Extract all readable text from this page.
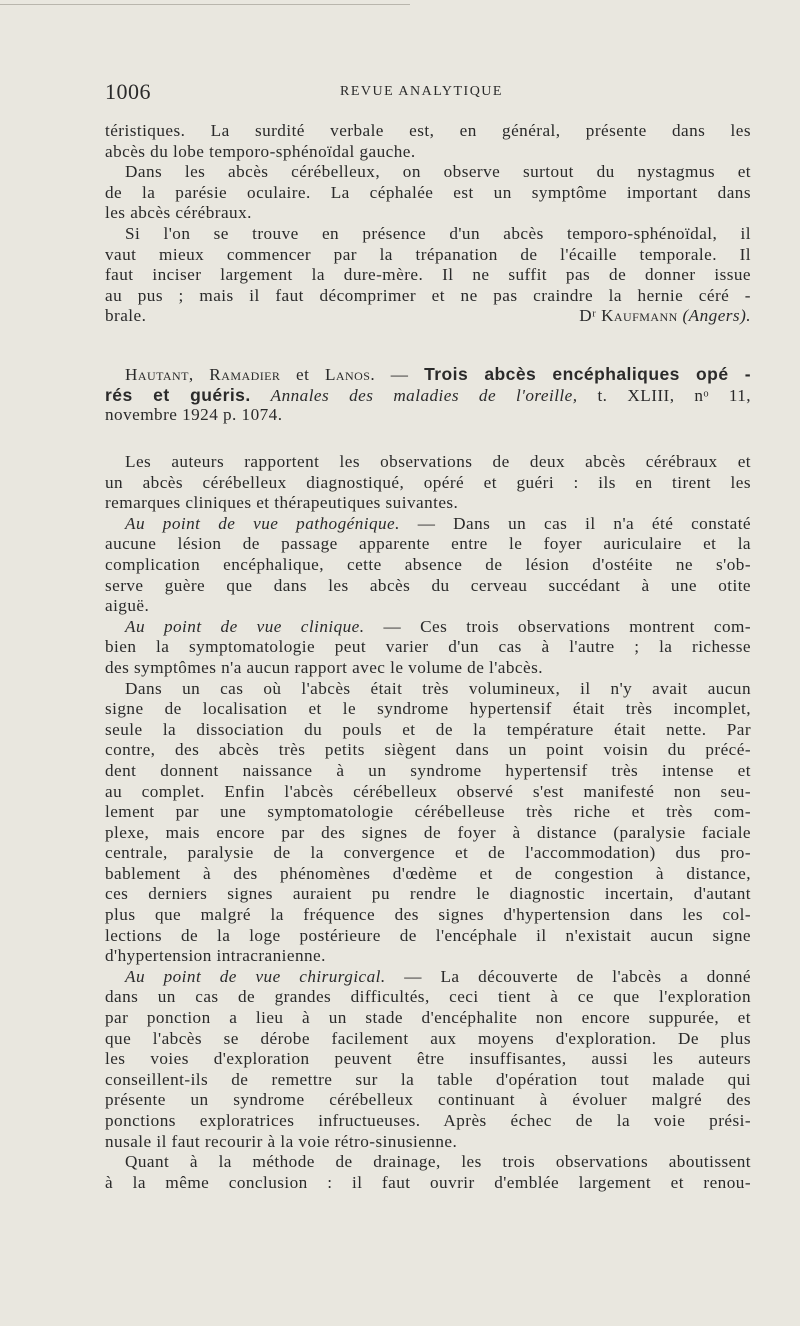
1006	REVUE ANALYTIQUE
téristiques. La surdité verbale est, en général, présente dans les
abcès du lobe temporo-sphénoïdal gauche.
Dans les abcès cérébelleux, on observe surtout du nystagmus et
de la parésie oculaire. La céphalée est un symptôme important dans
les abcès cérébraux.
Si l'on se trouve en présence d'un abcès temporo-sphénoïdal, il
vaut mieux commencer par la trépanation de l'écaille temporale. Il
faut inciser largement la dure-mère. Il ne suffit pas de donner issue
au pus ; mais il faut décomprimer et ne pas craindre la hernie céré -
brale.	Dʳ Kaufmann (Angers).
Hautant, Ramadier et Lanos. — Trois abcès encéphaliques opé -
rés et guéris. Annales des maladies de l'oreille, t. XLIII, nᵒ 11,
novembre 1924 p. 1074.
Les auteurs rapportent les observations de deux abcès cérébraux et
un abcès cérébelleux diagnostiqué, opéré et guéri : ils en tirent les
remarques cliniques et thérapeutiques suivantes.
Au point de vue pathogénique. — Dans un cas il n'a été constaté
aucune lésion de passage apparente entre le foyer auriculaire et la
complication encéphalique, cette absence de lésion d'ostéite ne s'ob-
serve guère que dans les abcès du cerveau succédant à une otite
aiguë.
Au point de vue clinique. — Ces trois observations montrent com-
bien la symptomatologie peut varier d'un cas à l'autre ; la richesse
des symptômes n'a aucun rapport avec le volume de l'abcès.
Dans un cas où l'abcès était très volumineux, il n'y avait aucun
signe de localisation et le syndrome hypertensif était très incomplet,
seule la dissociation du pouls et de la température était nette. Par
contre, des abcès très petits siègent dans un point voisin du précé-
dent donnent naissance à un syndrome hypertensif très intense et
au complet. Enfin l'abcès cérébelleux observé s'est manifesté non seu-
lement par une symptomatologie cérébelleuse très riche et très com-
plexe, mais encore par des signes de foyer à distance (paralysie faciale
centrale, paralysie de la convergence et de l'accommodation) dus pro-
bablement à des phénomènes d'œdème et de congestion à distance,
ces derniers signes auraient pu rendre le diagnostic incertain, d'autant
plus que malgré la fréquence des signes d'hypertension dans les col-
lections de la loge postérieure de l'encéphale il n'existait aucun signe
d'hypertension intracranienne.
Au point de vue chirurgical. — La découverte de l'abcès a donné
dans un cas de grandes difficultés, ceci tient à ce que l'exploration
par ponction a lieu à un stade d'encéphalite non encore suppurée, et
que l'abcès se dérobe facilement aux moyens d'exploration. De plus
les voies d'exploration peuvent être insuffisantes, aussi les auteurs
conseillent-ils de remettre sur la table d'opération tout malade qui
présente un syndrome cérébelleux continuant à évoluer malgré des
ponctions exploratrices infructueuses. Après échec de la voie prési-
nusale il faut recourir à la voie rétro-sinusienne.
Quant à la méthode de drainage, les trois observations aboutissent
à la même conclusion : il faut ouvrir d'emblée largement et renou-
